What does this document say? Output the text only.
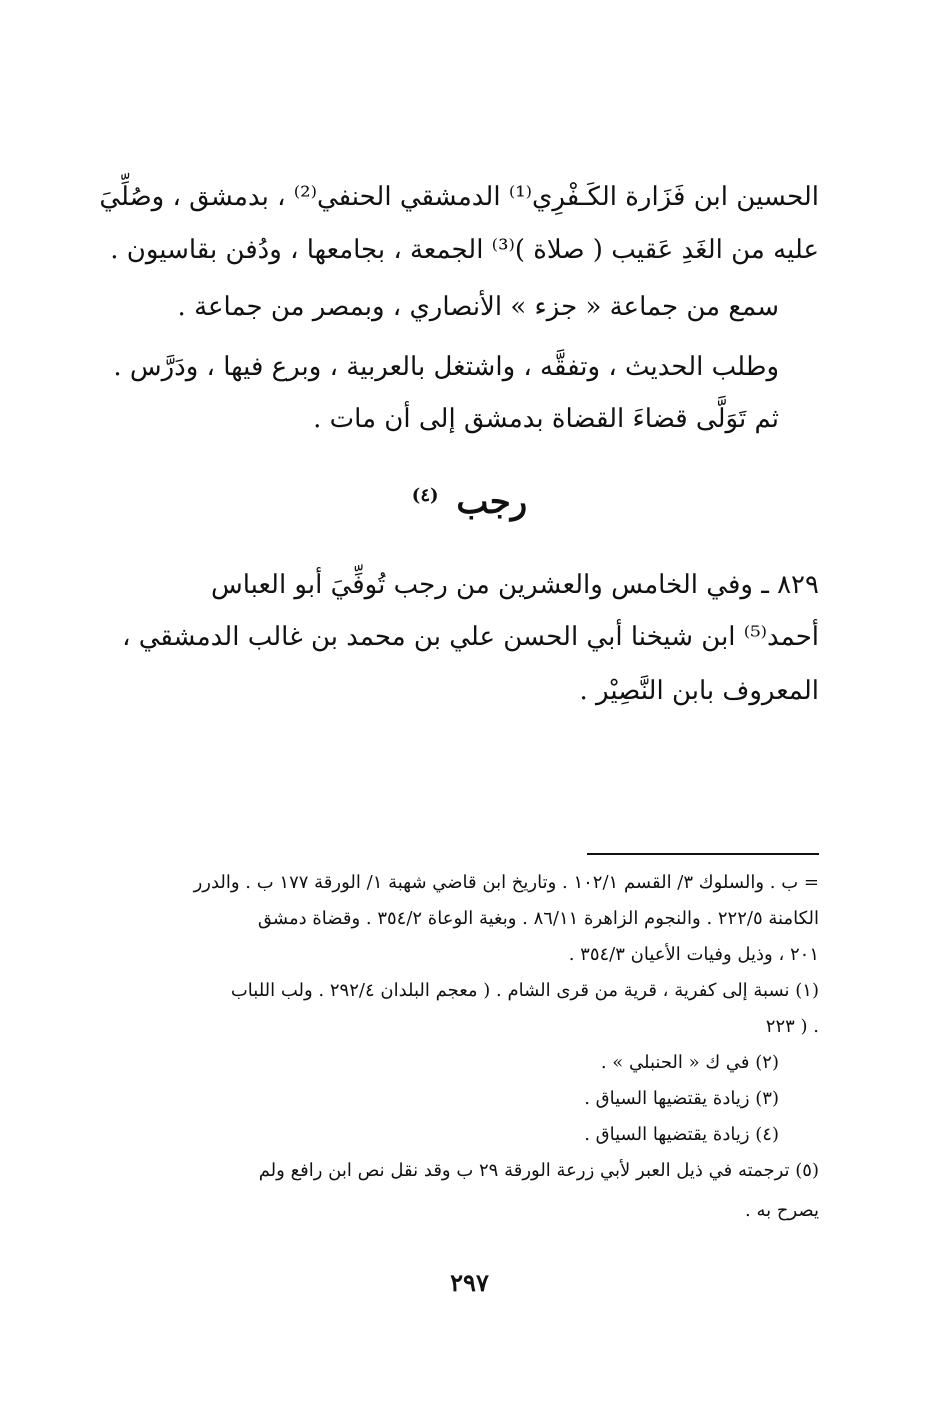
الحسين ابن فَزَارة الكَـفْرِي⁽¹⁾ الدمشقي الحنفي⁽²⁾ ، بدمشق ، وصُلِّيَ
عليه من الغَدِ عَقيب ( صلاة )⁽³⁾ الجمعة ، بجامعها ، ودُفن بقاسيون .
سمع من جماعة « جزء » الأنصاري ، وبمصر من جماعة .
وطلب الحديث ، وتفقَّه ، واشتغل بالعربية ، وبرع فيها ، ودَرَّس .
ثم تَوَلَّى قضاءَ القضاة بدمشق إلى أن مات .
رجب $^{(٤)}$
٨٢٩ ـ وفي الخامس والعشرين من رجب تُوفِّيَ أبو العباس
أحمد⁽⁵⁾ ابن شيخنا أبي الحسن علي بن محمد بن غالب الدمشقي ،
المعروف بابن النَّصِيْر .
= ب . والسلوك ٣/ القسم ١٠٢/١ . وتاريخ ابن قاضي شهبة ١/ الورقة ١٧٧ ب . والدرر
الكامنة ٢٢٢/٥ . والنجوم الزاهرة ٨٦/١١ . وبغية الوعاة ٣٥٤/٢ . وقضاة دمشق
٢٠١ ، وذيل وفيات الأعيان ٣٥٤/٣ .
(١) نسبة إلى كفرية ، قرية من قرى الشام . ( معجم البلدان ٢٩٢/٤ . ولب اللباب
٢٢٣ ) .
(٢) في ك « الحنبلي » .
(٣) زيادة يقتضيها السياق .
(٤) زيادة يقتضيها السياق .
(٥) ترجمته في ذيل العبر لأبي زرعة الورقة ٢٩ ب وقد نقل نص ابن رافع ولم
يصرح به .
٢٩٧
